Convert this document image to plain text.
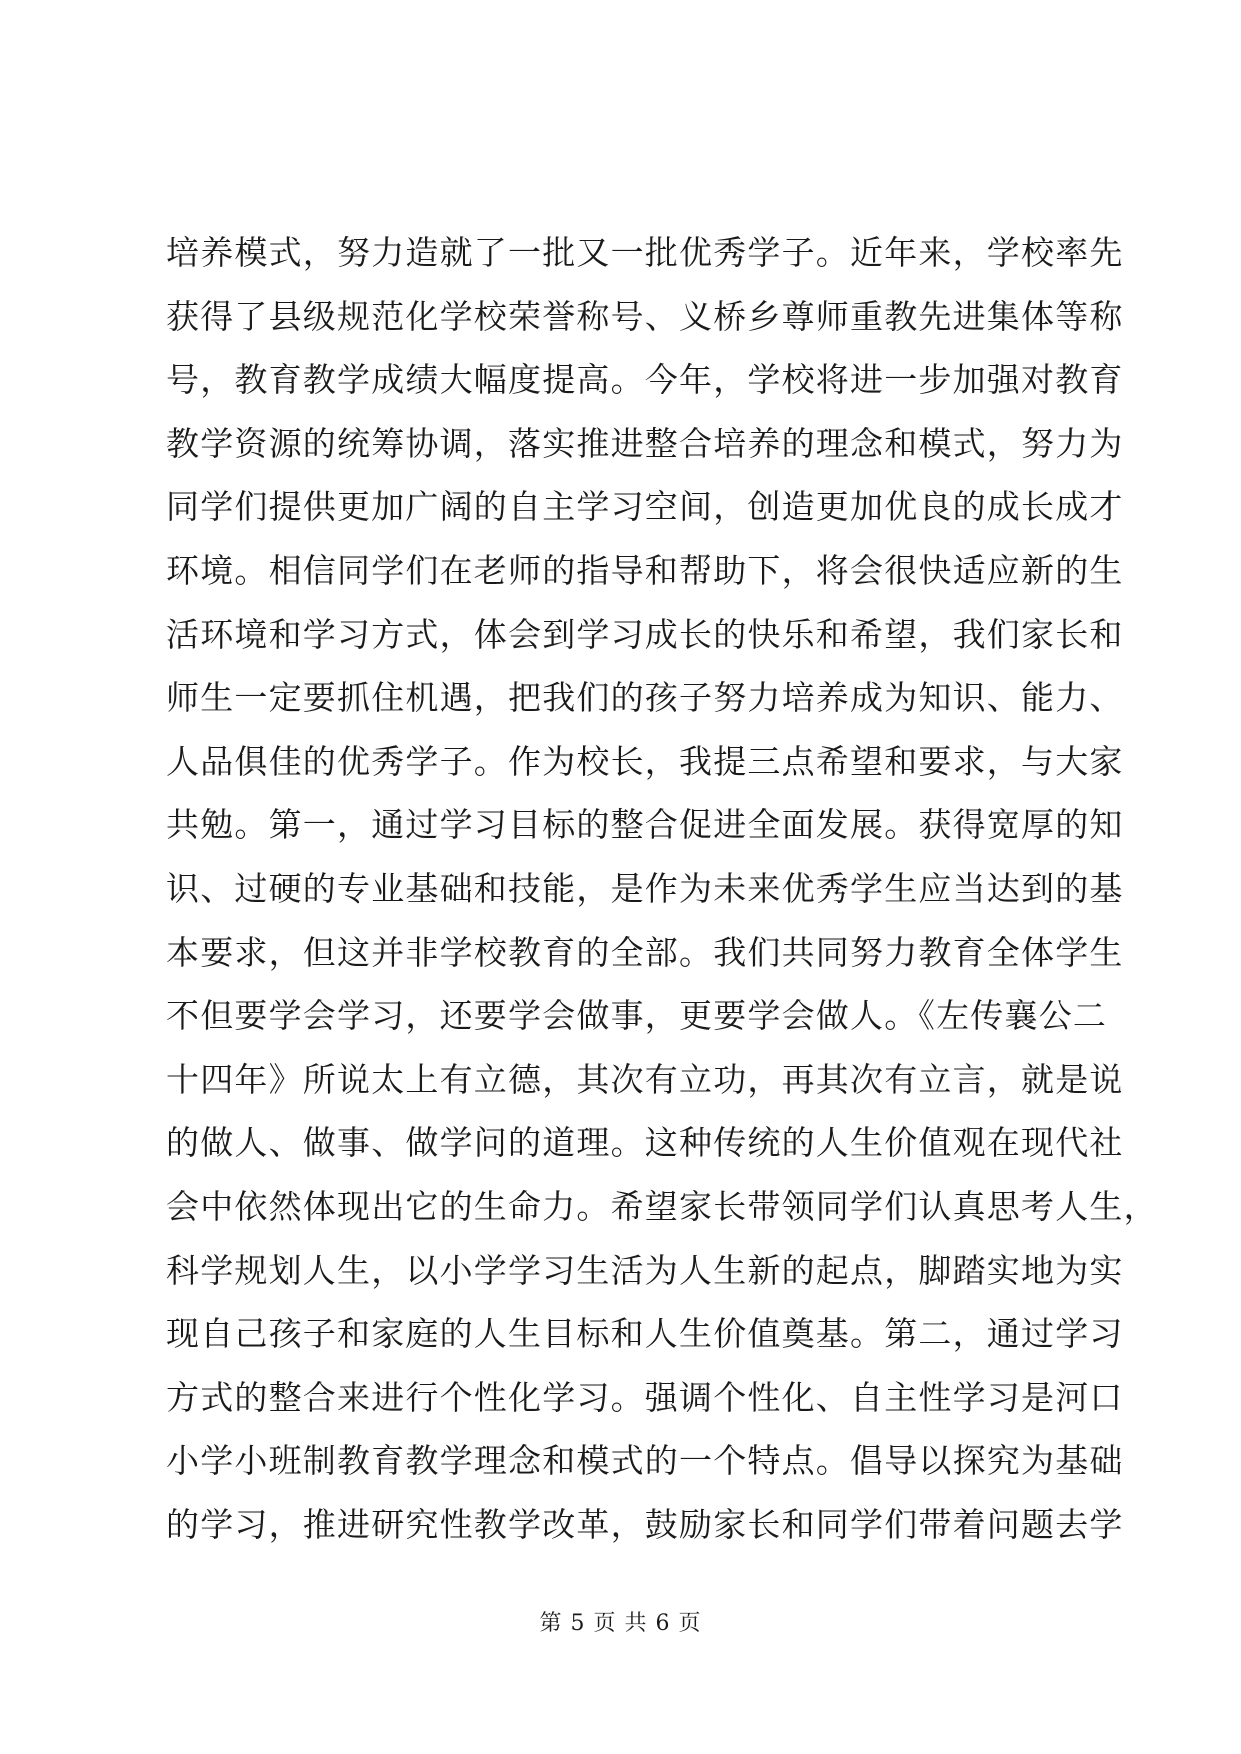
培养模式，努力造就了一批又一批优秀学子。近年来，学校率先
获得了县级规范化学校荣誉称号、义桥乡尊师重教先进集体等称
号，教育教学成绩大幅度提高。今年，学校将进一步加强对教育
教学资源的统筹协调，落实推进整合培养的理念和模式，努力为
同学们提供更加广阔的自主学习空间，创造更加优良的成长成才
环境。相信同学们在老师的指导和帮助下，将会很快适应新的生
活环境和学习方式，体会到学习成长的快乐和希望，我们家长和
师生一定要抓住机遇，把我们的孩子努力培养成为知识、能力、
人品俱佳的优秀学子。作为校长，我提三点希望和要求，与大家
共勉。第一，通过学习目标的整合促进全面发展。获得宽厚的知
识、过硬的专业基础和技能，是作为未来优秀学生应当达到的基
本要求，但这并非学校教育的全部。我们共同努力教育全体学生
不但要学会学习，还要学会做事，更要学会做人。《左传襄公二
十四年》所说太上有立德，其次有立功，再其次有立言，就是说
的做人、做事、做学问的道理。这种传统的人生价值观在现代社
会中依然体现出它的生命力。希望家长带领同学们认真思考人生，
科学规划人生，以小学学习生活为人生新的起点，脚踏实地为实
现自己孩子和家庭的人生目标和人生价值奠基。第二，通过学习
方式的整合来进行个性化学习。强调个性化、自主性学习是河口
小学小班制教育教学理念和模式的一个特点。倡导以探究为基础
的学习，推进研究性教学改革，鼓励家长和同学们带着问题去学
第 5 页 共 6 页
